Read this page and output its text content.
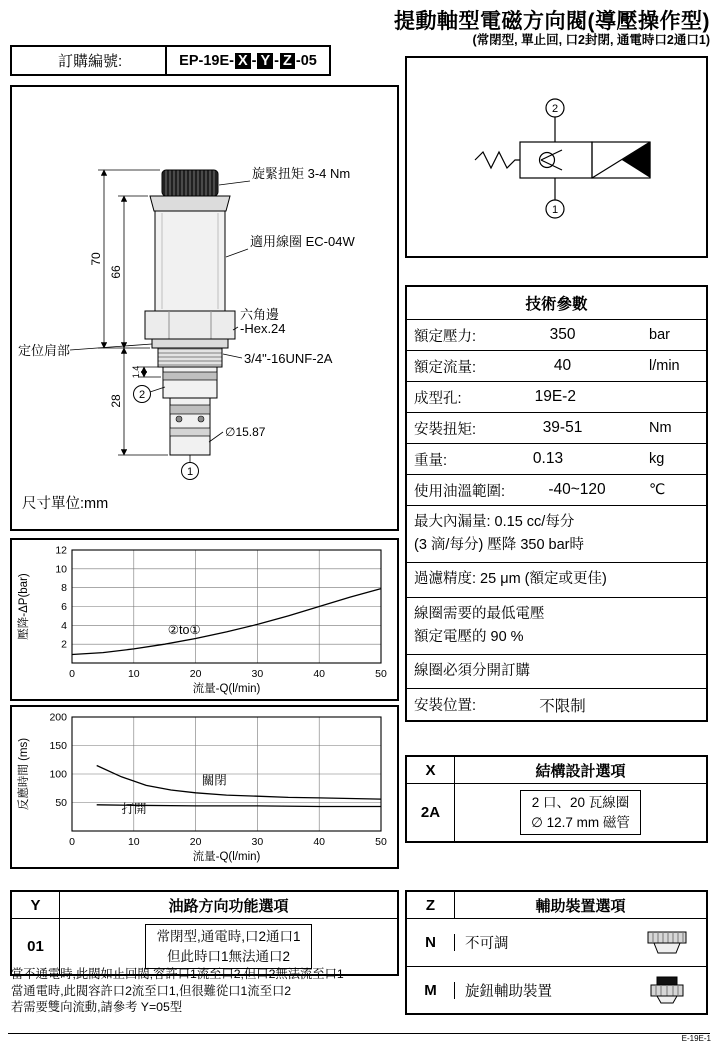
提動軸型電磁方向閥(導壓操作型)
(常閉型, 單止回, 口2封閉, 通電時口2通口1)
訂購編號:	EP-19E- X - Y - Z -05
70
66
28
1.4
∅15.87
旋緊扭矩 3-4 Nm
適用線圈 EC-04W
六角邊
-Hex.24
3/4"-16UNF-2A
定位肩部
2
1
尺寸單位:mm
2
1
技術參數
額定壓力:	350	bar
額定流量:	40	l/min
成型孔:	19E-2
安裝扭矩:	39-51	Nm
重量:	0.13	kg
使用油溫範圍:	-40~120	℃
最大內漏量: 0.15 cc/每分
(3 滴/每分) 壓降 350 bar時
過濾精度: 25 μm (額定或更佳)
線圈需要的最低電壓
額定電壓的 90 %
線圈必須分開訂購
安裝位置:	不限制
0	10	20	30	40	50
2
4
6
8
10
12
②to①
流量-Q(l/min)
壓降-ΔP(bar)
0	10	20	30	40	50
50
100
150
200
關閉
打開
流量-Q(l/min)
反應時間 (ms)	X	結構設計選項
2A
2 口、20 瓦線圈
∅ 12.7 mm 磁管
Y	油路方向功能選項
01
常閉型,通電時,口2通口1
但此時口1無法通口2
當不通電時,此閥如止回閥,容許口1流至口2,但口2無法流至口1
當通電時,此閥容許口2流至口1,但很難從口1流至口2
若需要雙向流動,請參考 Y=05型
Z	輔助裝置選項
N	不可調
M	旋鈕輔助裝置
E-19E-1
